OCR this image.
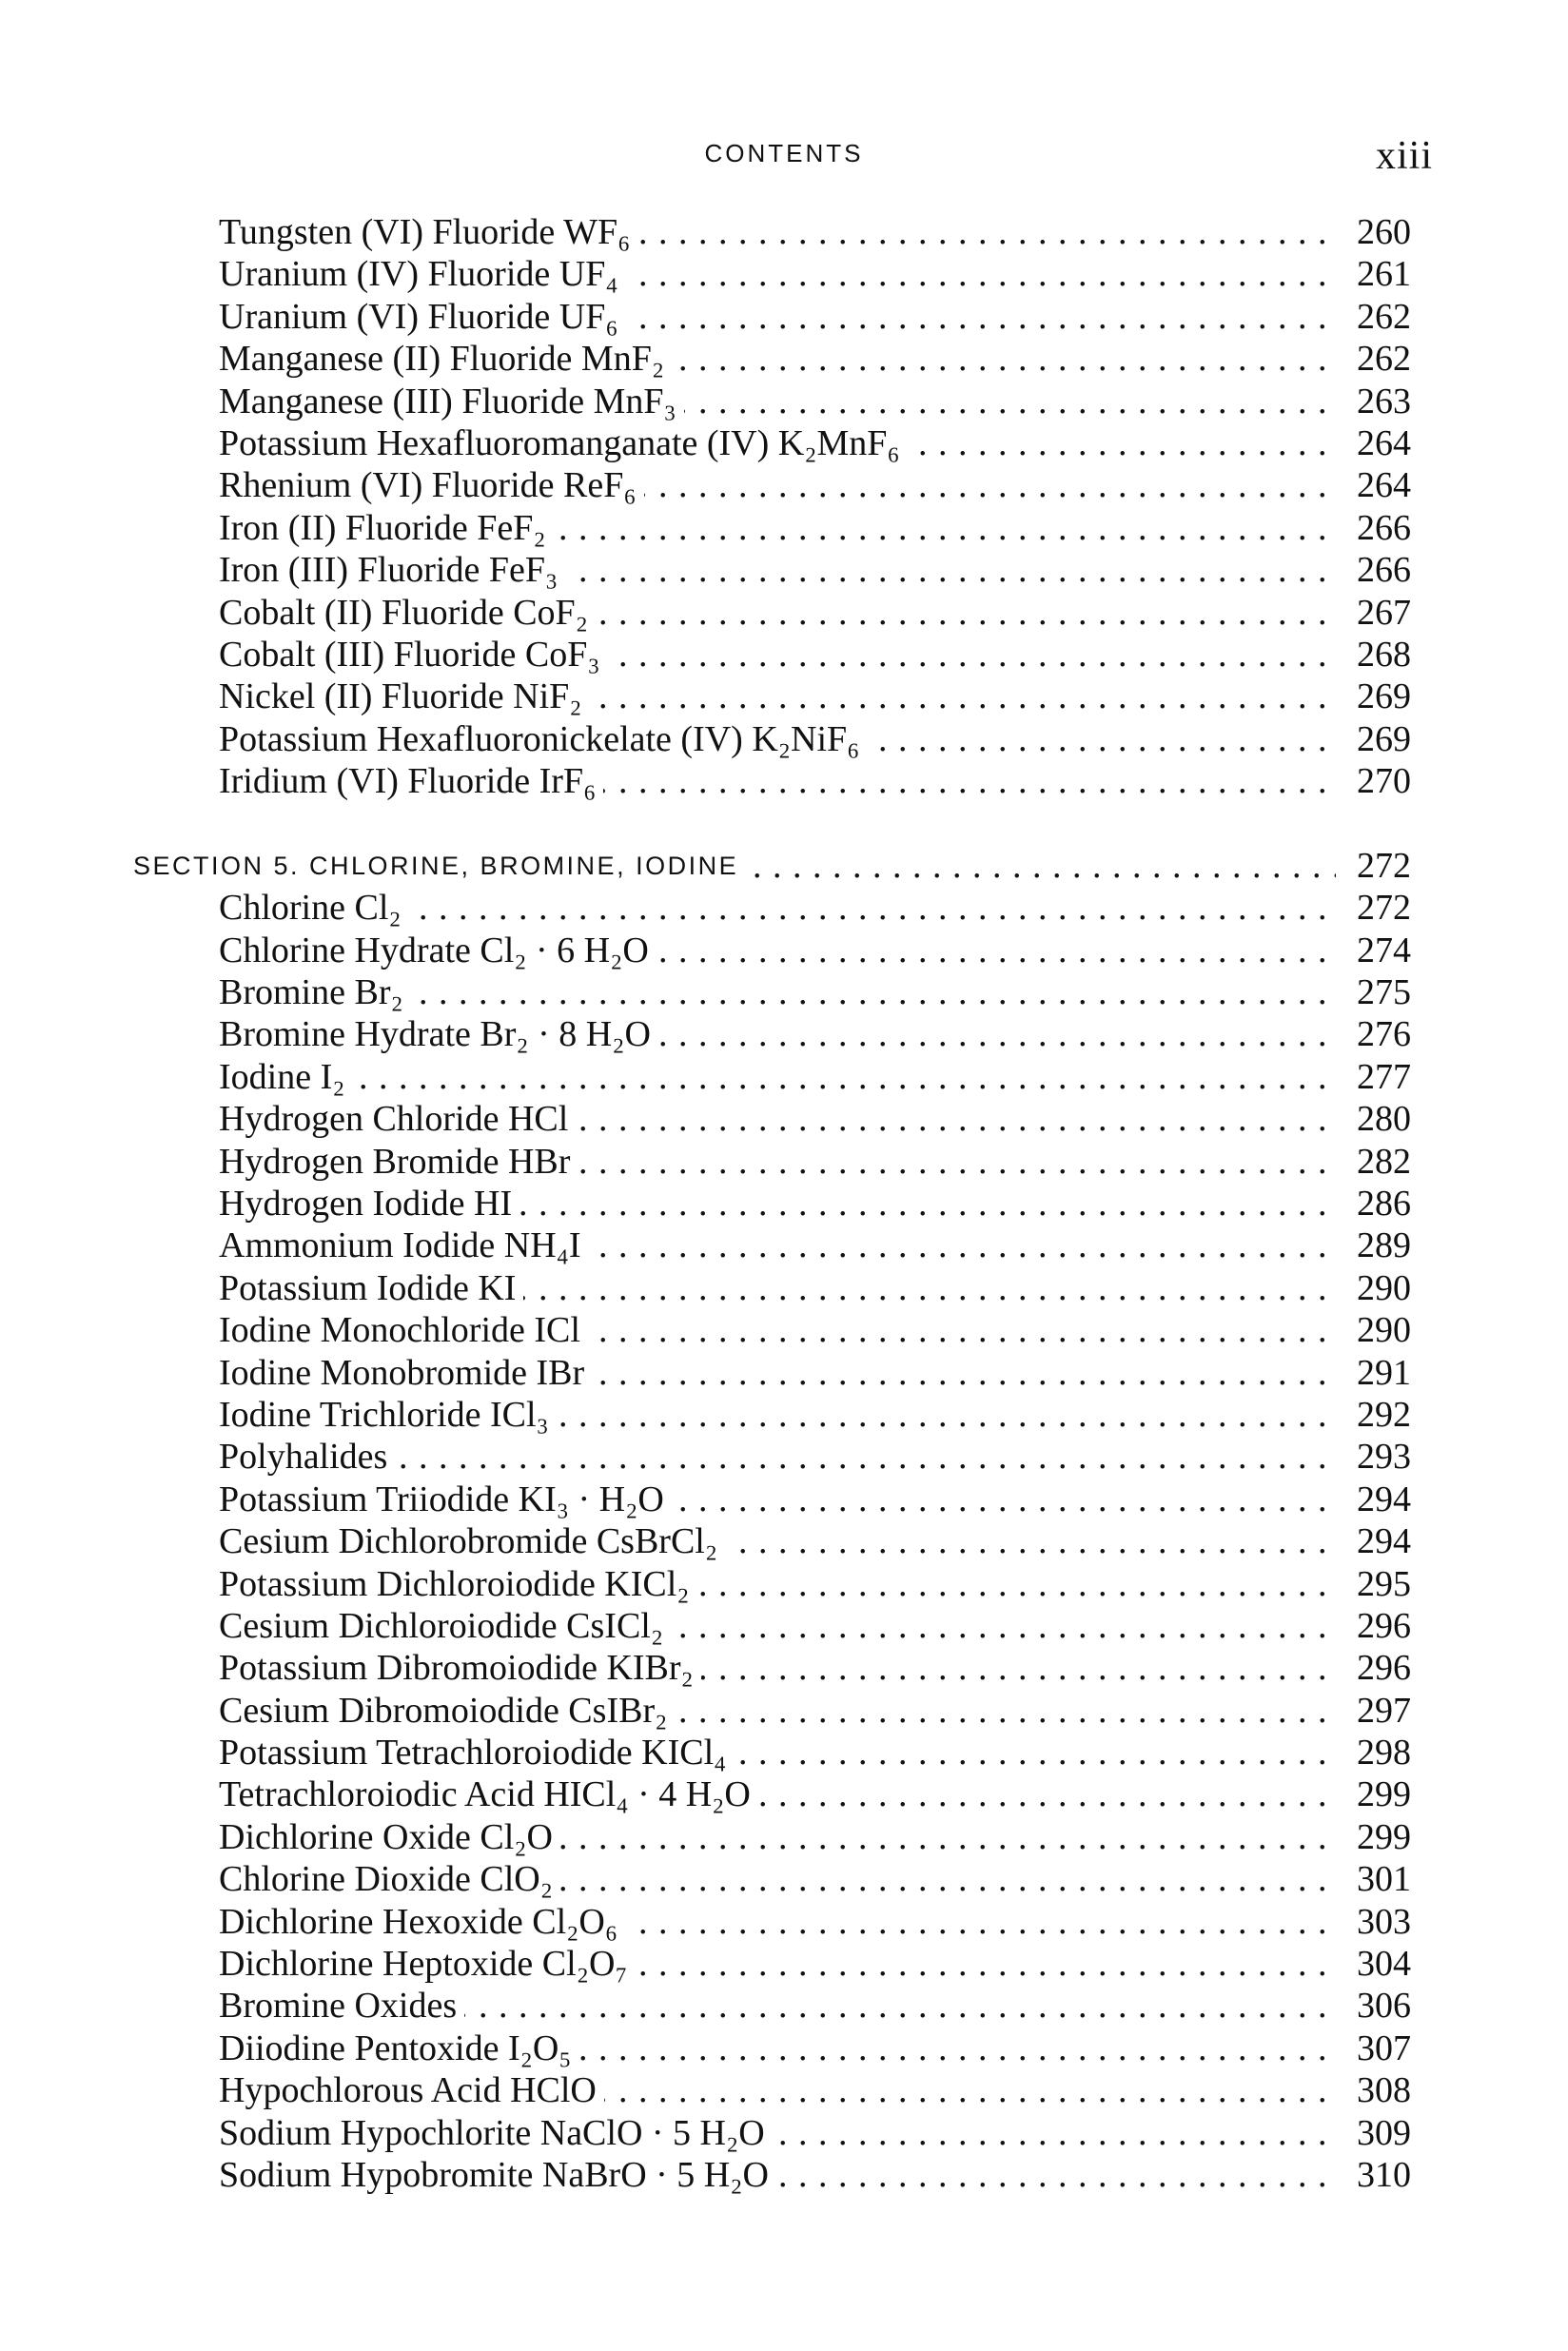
CONTENTS	xiii
. . .
Tungsten (VI) Fluoride WF₆	260
. . .
Uranium (IV) Fluoride UF₄	261
. . .
Uranium (VI) Fluoride UF₆	262
. . .
Manganese (II) Fluoride MnF₂	262
. . .
Manganese (III) Fluoride MnF₃	263
. . .
Potassium Hexafluoromanganate (IV) K₂MnF₆	264
. . .
Rhenium (VI) Fluoride ReF₆	264
. . .
Iron (II) Fluoride FeF₂	266
. . .
Iron (III) Fluoride FeF₃	266
. . .
Cobalt (II) Fluoride CoF₂	267
. . .
Cobalt (III) Fluoride CoF₃	268
. . .
Nickel (II) Fluoride NiF₂	269
. . .
Potassium Hexafluoronickelate (IV) K₂NiF₆	269
. . .
Iridium (VI) Fluoride IrF₆	270
. . .
SECTION 5. CHLORINE, BROMINE, IODINE	272
. . .
Chlorine Cl₂	272
. . .
Chlorine Hydrate Cl₂ · 6 H₂O	274
. . .
Bromine Br₂	275
. . .
Bromine Hydrate Br₂ · 8 H₂O	276
. . .
Iodine I₂	277
. . .
Hydrogen Chloride HCl	280
. . .
Hydrogen Bromide HBr	282
. . .
Hydrogen Iodide HI	286
. . .
Ammonium Iodide NH₄I	289
. . .
Potassium Iodide KI	290
. . .
Iodine Monochloride ICl	290
. . .
Iodine Monobromide IBr	291
. . .
Iodine Trichloride ICl₃	292
. . .
Polyhalides	293
. . .
Potassium Triiodide KI₃ · H₂O	294
. . .
Cesium Dichlorobromide CsBrCl₂	294
. . .
Potassium Dichloroiodide KICl₂	295
. . .
Cesium Dichloroiodide CsICl₂	296
. . .
Potassium Dibromoiodide KIBr₂	296
. . .
Cesium Dibromoiodide CsIBr₂	297
. . .
Potassium Tetrachloroiodide KICl₄	298
. . .
Tetrachloroiodic Acid HICl₄ · 4 H₂O	299
. . .
Dichlorine Oxide Cl₂O	299
. . .
Chlorine Dioxide ClO₂	301
. . .
Dichlorine Hexoxide Cl₂O₆	303
. . .
Dichlorine Heptoxide Cl₂O₇	304
. . .
Bromine Oxides	306
. . .
Diiodine Pentoxide I₂O₅	307
. . .
Hypochlorous Acid HClO	308
. . .
Sodium Hypochlorite NaClO · 5 H₂O	309
. . .
Sodium Hypobromite NaBrO · 5 H₂O	310
